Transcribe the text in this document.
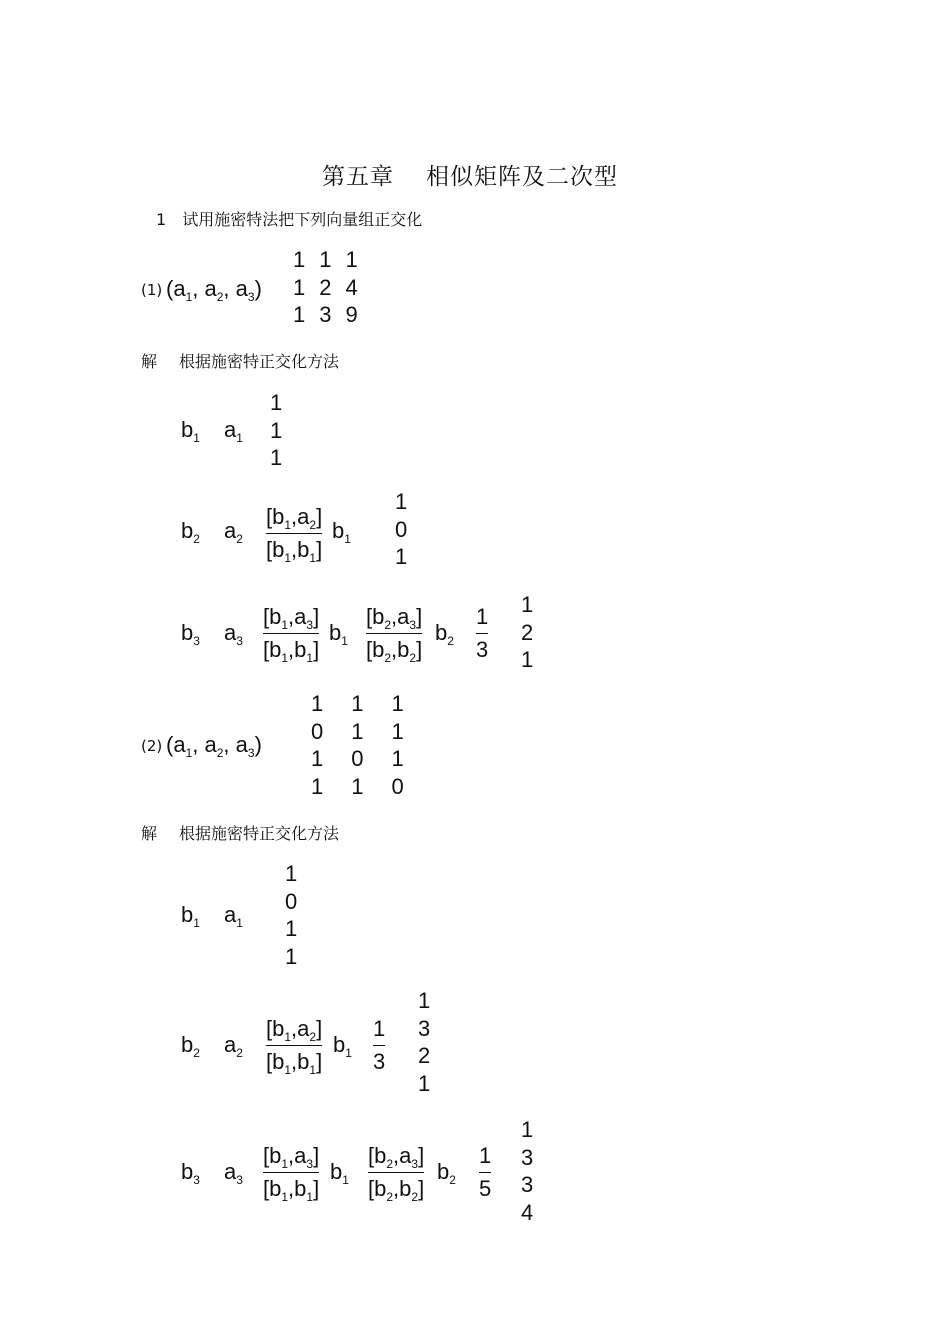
第五章 相似矩阵及二次型
1 试用施密特法把下列向量组正交化
(1) ($a_1$, $a_2$, $a_3$)
1 1 1
1 2 4
1 3 9
解 根据施密特正交化方法
$b_1$ $a_1$
1
1
1
$b_2$ $a_2$
$[b_1,a_2]$
$[b_1,b_1]$
$b_1$
1
0
1
$b_3$ $a_3$
$[b_1,a_3]$
$[b_1,b_1]$
$b_1$
$[b_2,a_3]$
$[b_2,b_2]$
$b_2$
1
3
1
2
1
(2) ($a_1$, $a_2$, $a_3$)
1 1 1
0 1 1
1 0 1
1 1 0
解 根据施密特正交化方法
$b_1$ $a_1$
1
0
1
1
$b_2$ $a_2$
$[b_1,a_2]$
$[b_1,b_1]$
$b_1$
1
3
1
3
2
1
$b_3$ $a_3$
$[b_1,a_3]$
$[b_1,b_1]$
$b_1$
$[b_2,a_3]$
$[b_2,b_2]$
$b_2$
1
5
1
3
3
4
